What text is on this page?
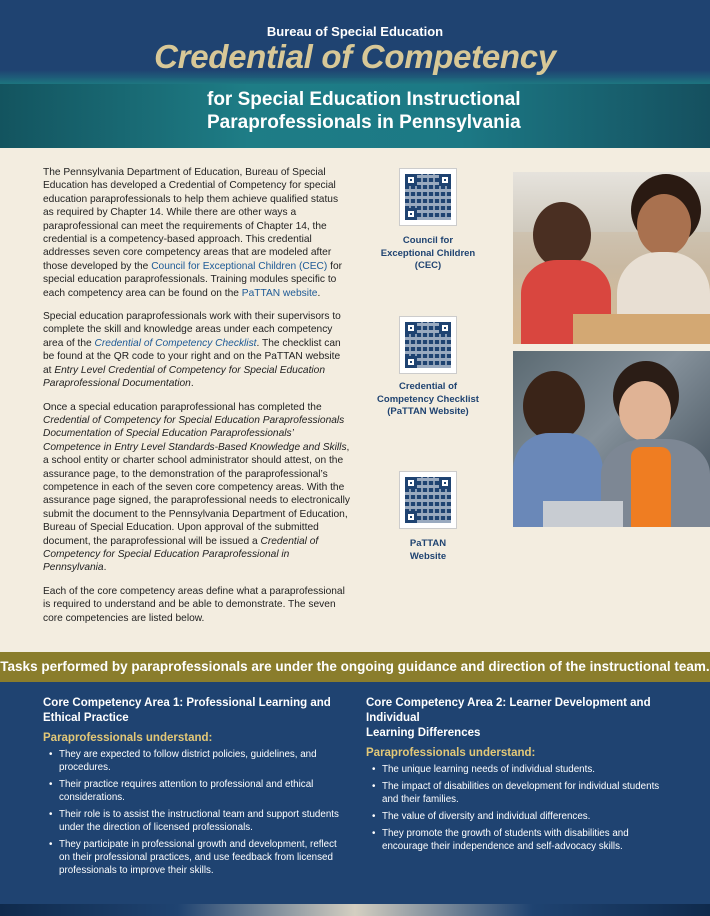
Bureau of Special Education
Credential of Competency
for Special Education Instructional
Paraprofessionals in Pennsylvania

The Pennsylvania Department of Education, Bureau of Special Education has developed a Credential of Competency for special education paraprofessionals to help them achieve qualified status as required by Chapter 14. While there are other ways a paraprofessional can meet the requirements of Chapter 14, the credential is a competency-based approach. This credential addresses seven core competency areas that are modeled after those developed by the Council for Exceptional Children (CEC) for special education paraprofessionals. Training modules specific to each competency area can be found on the PaTTAN website.

Special education paraprofessionals work with their supervisors to complete the skill and knowledge areas under each competency area of the Credential of Competency Checklist. The checklist can be found at the QR code to your right and on the PaTTAN website at Entry Level Credential of Competency for Special Education Paraprofessional Documentation.

Once a special education paraprofessional has completed the Credential of Competency for Special Education Paraprofessionals Documentation of Special Education Paraprofessionals’ Competence in Entry Level Standards-Based Knowledge and Skills, a school entity or charter school administrator should attest, on the assurance page, to the demonstration of the paraprofessional’s competence in each of the seven core competency areas. With the assurance page signed, the paraprofessional needs to electronically submit the document to the Pennsylvania Department of Education, Bureau of Special Education. Upon approval of the submitted document, the paraprofessional will be issued a Credential of Competency for Special Education Paraprofessional in Pennsylvania.

Each of the core competency areas define what a paraprofessional is required to understand and be able to demonstrate. The seven core competencies are listed below.

Council for
Exceptional Children
(CEC)
Credential of
Competency Checklist
(PaTTAN Website)
PaTTAN
Website
Tasks performed by paraprofessionals are under the ongoing guidance and direction of the instructional team.
Core Competency Area 1: Professional Learning and
Ethical Practice
Paraprofessionals understand:
• They are expected to follow district policies, guidelines, and procedures.
• Their practice requires attention to professional and ethical considerations.
• Their role is to assist the instructional team and support students under the direction of licensed professionals.
• They participate in professional growth and development, reflect on their professional practices, and use feedback from licensed professionals to improve their skills.
Core Competency Area 2: Learner Development and Individual
Learning Differences
Paraprofessionals understand:
• The unique learning needs of individual students.
• The impact of disabilities on development for individual students and their families.
• The value of diversity and individual differences.
• They promote the growth of students with disabilities and encourage their independence and self-advocacy skills.
